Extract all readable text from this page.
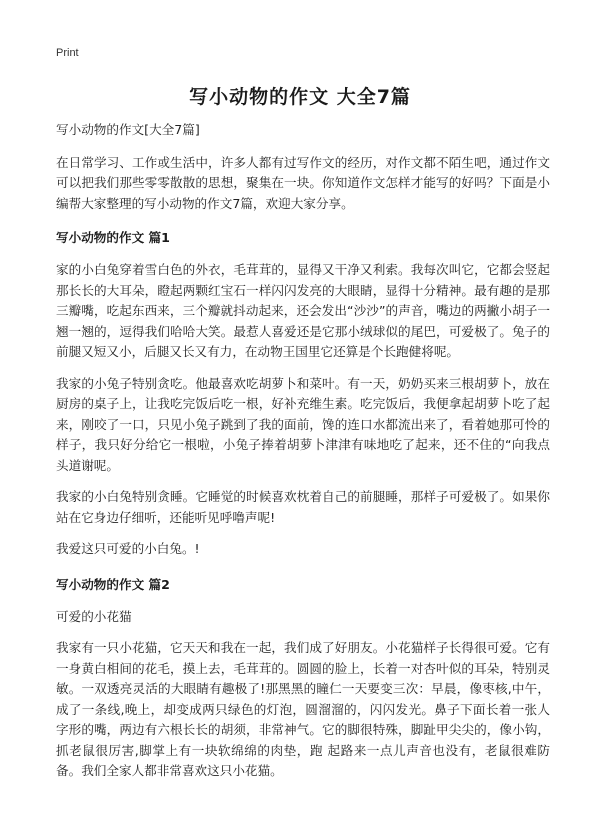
Print
写小动物的作文 大全7篇

写小动物的作文[大全7篇]

在日常学习、工作或生活中，许多人都有过写作文的经历，对作文都不陌生吧，通过作文可以把我们那些零零散散的思想，聚集在一块。你知道作文怎样才能写的好吗？下面是小编帮大家整理的写小动物的作文7篇，欢迎大家分享。

写小动物的作文 篇1

家的小白兔穿着雪白色的外衣，毛茸茸的，显得又干净又利索。我每次叫它，它都会竖起那长长的大耳朵，瞪起两颗红宝石一样闪闪发亮的大眼睛，显得十分精神。最有趣的是那三瓣嘴，吃起东西来，三个瓣就抖动起来，还会发出“沙沙”的声音，嘴边的两撇小胡子一翘一翘的，逗得我们哈哈大笑。最惹人喜爱还是它那小绒球似的尾巴，可爱极了。兔子的前腿又短又小，后腿又长又有力，在动物王国里它还算是个长跑健将呢。

我家的小兔子特别贪吃。他最喜欢吃胡萝卜和菜叶。有一天，奶奶买来三根胡萝卜，放在厨房的桌子上，让我吃完饭后吃一根，好补充维生素。吃完饭后，我便拿起胡萝卜吃了起来，刚咬了一口，只见小兔子跳到了我的面前，馋的连口水都流出来了，看着她那可怜的样子，我只好分给它一根啦，小兔子捧着胡萝卜津津有味地吃了起来，还不住的“向我点头道谢呢。

我家的小白兔特别贪睡。它睡觉的时候喜欢枕着自己的前腿睡，那样子可爱极了。如果你站在它身边仔细听，还能听见呼噜声呢!

我爱这只可爱的小白兔。!

写小动物的作文 篇2

可爱的小花猫

我家有一只小花猫，它天天和我在一起，我们成了好朋友。小花猫样子长得很可爱。它有一身黄白相间的花毛，摸上去，毛茸茸的。圆圆的脸上，长着一对杏叶似的耳朵，特别灵敏。一双透亮灵活的大眼睛有趣极了!那黑黑的瞳仁一天要变三次：早晨，像枣核,中午，成了一条线,晚上，却变成两只绿色的灯泡，圆溜溜的，闪闪发光。鼻子下面长着一张人字形的嘴，两边有六根长长的胡须，非常神气。它的脚很特殊，脚趾甲尖尖的，像小钩，抓老鼠很厉害,脚掌上有一块软绵绵的肉垫，跑 起路来一点儿声音也没有，老鼠很难防备。我们全家人都非常喜欢这只小花猫。
